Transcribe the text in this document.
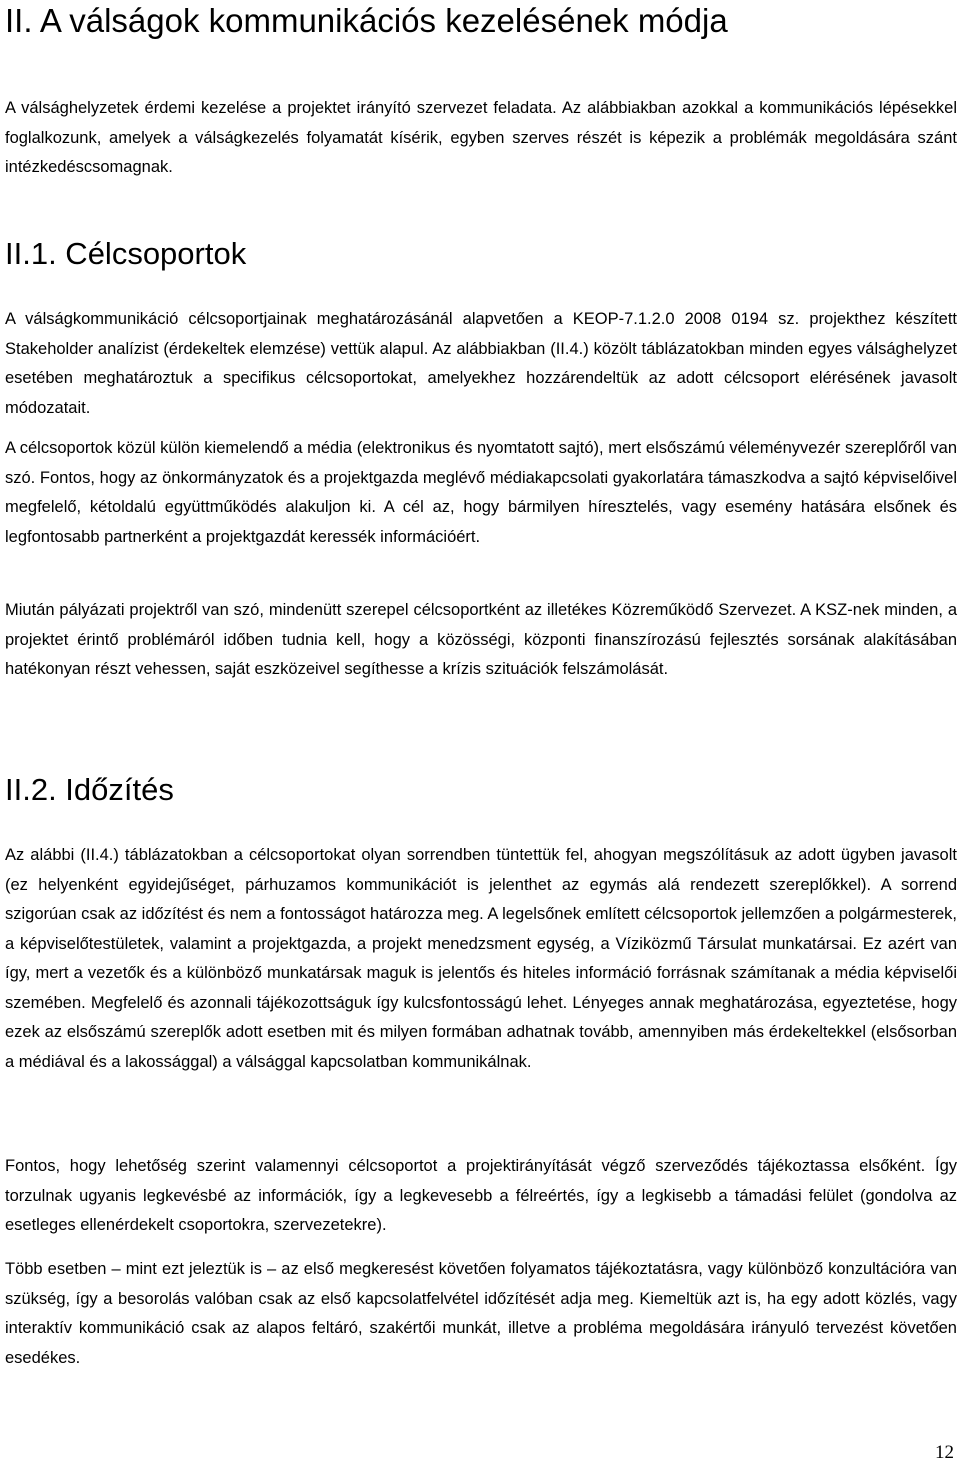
II. A válságok kommunikációs kezelésének módja

A válsághelyzetek érdemi kezelése a projektet irányító szervezet feladata. Az alábbiakban azokkal a kommunikációs lépésekkel foglalkozunk, amelyek a válságkezelés folyamatát kísérik, egyben szerves részét is képezik a problémák megoldására szánt intézkedéscsomagnak.

II.1. Célcsoportok

A válságkommunikáció célcsoportjainak meghatározásánál alapvetően a KEOP-7.1.2.0 2008 0194 sz. projekthez készített Stakeholder analízist (érdekeltek elemzése) vettük alapul. Az alábbiakban (II.4.) közölt táblázatokban minden egyes válsághelyzet esetében meghatároztuk a specifikus célcsoportokat, amelyekhez hozzárendeltük az adott célcsoport elérésének javasolt módozatait.

A célcsoportok közül külön kiemelendő a média (elektronikus és nyomtatott sajtó), mert elsőszámú véleményvezér szereplőről van szó. Fontos, hogy az önkormányzatok és a projektgazda meglévő médiakapcsolati gyakorlatára támaszkodva a sajtó képviselőivel megfelelő, kétoldalú együttműködés alakuljon ki. A cél az, hogy bármilyen híresztelés, vagy esemény hatására elsőnek és legfontosabb partnerként a projektgazdát keressék információért.

Miután pályázati projektről van szó, mindenütt szerepel célcsoportként az illetékes Közreműködő Szervezet. A KSZ-nek minden, a projektet érintő problémáról időben tudnia kell, hogy a közösségi, központi finanszírozású fejlesztés sorsának alakításában hatékonyan részt vehessen, saját eszközeivel segíthesse a krízis szituációk felszámolását.

II.2. Időzítés

Az alábbi (II.4.) táblázatokban a célcsoportokat olyan sorrendben tüntettük fel, ahogyan megszólításuk az adott ügyben javasolt (ez helyenként egyidejűséget, párhuzamos kommunikációt is jelenthet az egymás alá rendezett szereplőkkel). A sorrend szigorúan csak az időzítést és nem a fontosságot határozza meg. A legelsőnek említett célcsoportok jellemzően a polgármesterek, a képviselőtestületek, valamint a projektgazda, a projekt menedzsment egység, a Víziközmű Társulat munkatársai. Ez azért van így, mert a vezetők és a különböző munkatársak maguk is jelentős és hiteles információ forrásnak számítanak a média képviselői szemében. Megfelelő és azonnali tájékozottságuk így kulcsfontosságú lehet. Lényeges annak meghatározása, egyeztetése, hogy ezek az elsőszámú szereplők adott esetben mit és milyen formában adhatnak tovább, amennyiben más érdekeltekkel (elsősorban a médiával és a lakossággal) a válsággal kapcsolatban kommunikálnak.

Fontos, hogy lehetőség szerint valamennyi célcsoportot a projektirányítását végző szerveződés tájékoztassa elsőként. Így torzulnak ugyanis legkevésbé az információk, így a legkevesebb a félreértés, így a legkisebb a támadási felület (gondolva az esetleges ellenérdekelt csoportokra, szervezetekre).

Több esetben – mint ezt jeleztük is – az első megkeresést követően folyamatos tájékoztatásra, vagy különböző konzultációra van szükség, így a besorolás valóban csak az első kapcsolatfelvétel időzítését adja meg. Kiemeltük azt is, ha egy adott közlés, vagy interaktív kommunikáció csak az alapos feltáró, szakértői munkát, illetve a probléma megoldására irányuló tervezést követően esedékes.

12
